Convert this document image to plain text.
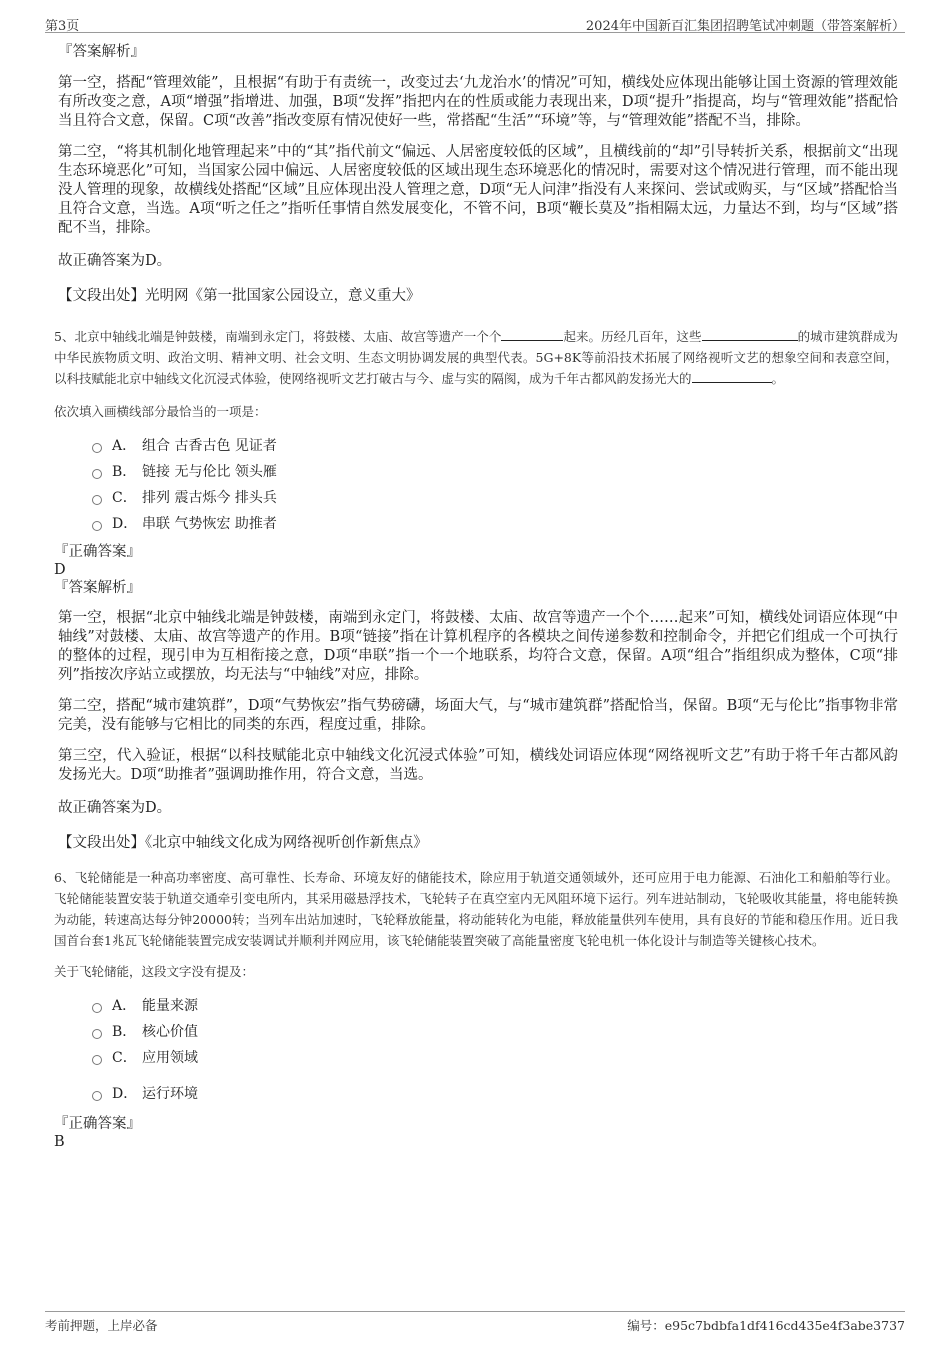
第3页	2024年中国新百汇集团招聘笔试冲刺题（带答案解析）

『答案解析』

第一空，搭配“管理效能”，且根据“有助于有责统一，改变过去‘九龙治水’的情况”可知，横线处应体现出能够让国土资源的管理效能有所改变之意，A项“增强”指增进、加强，B项“发挥”指把内在的性质或能力表现出来，D项“提升”指提高，均与“管理效能”搭配恰当且符合文意，保留。C项“改善”指改变原有情况使好一些，常搭配“生活”“环境”等，与“管理效能”搭配不当，排除。

第二空，“将其机制化地管理起来”中的“其”指代前文“偏远、人居密度较低的区域”，且横线前的“却”引导转折关系，根据前文“出现生态环境恶化”可知，当国家公园中偏远、人居密度较低的区域出现生态环境恶化的情况时，需要对这个情况进行管理，而不能出现没人管理的现象，故横线处搭配“区域”且应体现出没人管理之意，D项“无人问津”指没有人来探问、尝试或购买，与“区域”搭配恰当且符合文意，当选。A项“听之任之”指听任事情自然发展变化，不管不问，B项“鞭长莫及”指相隔太远，力量达不到，均与“区域”搭配不当，排除。

故正确答案为D。

【文段出处】光明网《第一批国家公园设立，意义重大》

5、北京中轴线北端是钟鼓楼，南端到永定门，将鼓楼、太庙、故宫等遗产一个个	起来。历经几百年，这些	的城市建筑群成为中华民族物质文明、政治文明、精神文明、社会文明、生态文明协调发展的典型代表。5G+8K等前沿技术拓展了网络视听文艺的想象空间和表意空间，以科技赋能北京中轴线文化沉浸式体验，使网络视听文艺打破古与今、虚与实的隔阂，成为千年古都风韵发扬光大的	。

依次填入画横线部分最恰当的一项是：

A． 组合 古香古色 见证者
B． 链接 无与伦比 领头雁
C． 排列 震古烁今 排头兵
D． 串联 气势恢宏 助推者

『正确答案』

D

『答案解析』

第一空，根据“北京中轴线北端是钟鼓楼，南端到永定门，将鼓楼、太庙、故宫等遗产一个个……起来”可知，横线处词语应体现“中轴线”对鼓楼、太庙、故宫等遗产的作用。B项“链接”指在计算机程序的各模块之间传递参数和控制命令，并把它们组成一个可执行的整体的过程，现引申为互相衔接之意，D项“串联”指一个一个地联系，均符合文意，保留。A项“组合”指组织成为整体，C项“排列”指按次序站立或摆放，均无法与“中轴线”对应，排除。

第二空，搭配“城市建筑群”，D项“气势恢宏”指气势磅礴，场面大气，与“城市建筑群”搭配恰当，保留。B项“无与伦比”指事物非常完美，没有能够与它相比的同类的东西，程度过重，排除。

第三空，代入验证，根据“以科技赋能北京中轴线文化沉浸式体验”可知，横线处词语应体现“网络视听文艺”有助于将千年古都风韵发扬光大。D项“助推者”强调助推作用，符合文意，当选。

故正确答案为D。

【文段出处】《北京中轴线文化成为网络视听创作新焦点》

6、飞轮储能是一种高功率密度、高可靠性、长寿命、环境友好的储能技术，除应用于轨道交通领域外，还可应用于电力能源、石油化工和船舶等行业。飞轮储能装置安装于轨道交通牵引变电所内，其采用磁悬浮技术，飞轮转子在真空室内无风阻环境下运行。列车进站制动，飞轮吸收其能量，将电能转换为动能，转速高达每分钟20000转；当列车出站加速时，飞轮释放能量，将动能转化为电能，释放能量供列车使用，具有良好的节能和稳压作用。近日我国首台套1兆瓦飞轮储能装置完成安装调试并顺利并网应用，该飞轮储能装置突破了高能量密度飞轮电机一体化设计与制造等关键核心技术。

关于飞轮储能，这段文字没有提及：

A． 能量来源
B． 核心价值
C． 应用领域
D． 运行环境

『正确答案』

B

考前押题，上岸必备	编号：e95c7bdbfa1df416cd435e4f3abe3737
